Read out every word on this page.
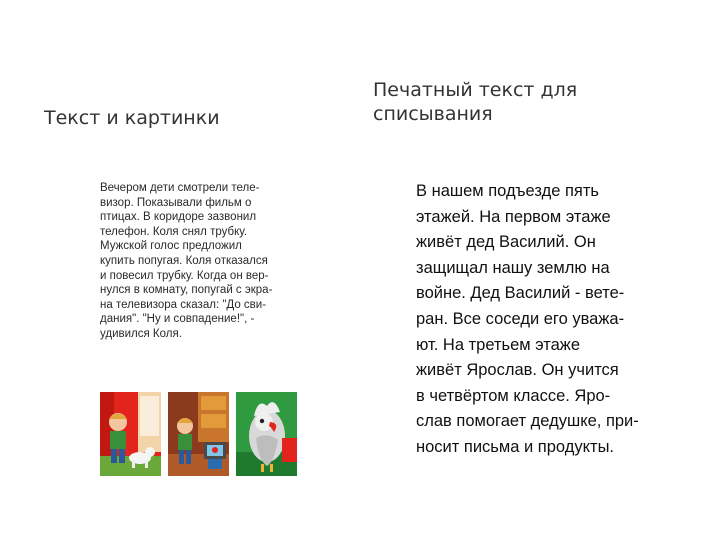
Текст и картинки
Печатный текст для списывания
Вечером дети смотрели теле-
визор. Показывали фильм о
птицах. В коридоре зазвонил
телефон. Коля снял трубку.
Мужской голос предложил
купить попугая. Коля отказался
и повесил трубку. Когда он вер-
нулся в комнату, попугай с экра-
на телевизора сказал: "До сви-
дания". "Ну и совпадение!", -
удивился Коля.
В нашем подъезде пять
этажей. На первом этаже
живёт дед Василий. Он
защищал нашу землю на
войне. Дед Василий - вете-
ран. Все соседи его уважа-
ют. На третьем этаже
живёт Ярослав. Он учится
в четвёртом классе. Яро-
слав помогает дедушке, при-
носит письма и продукты.
